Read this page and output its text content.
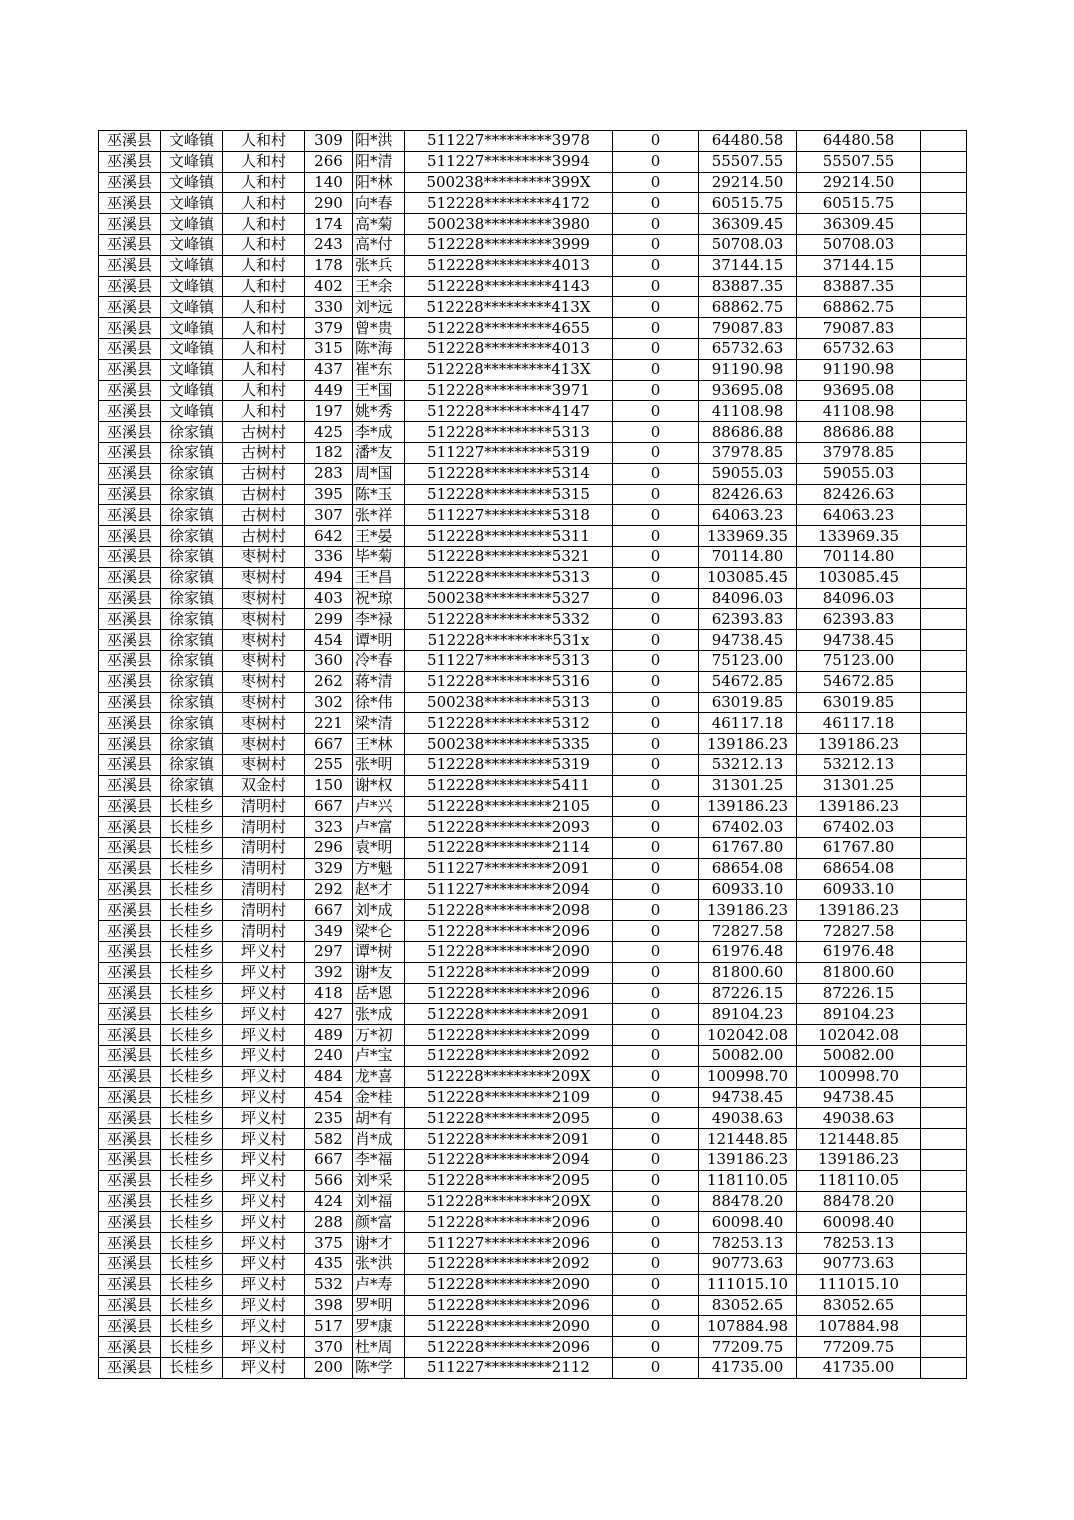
巫溪县	文峰镇	人和村	309	阳*洪	511227*********3978	0	64480.58	64480.58	
巫溪县	文峰镇	人和村	266	阳*清	511227*********3994	0	55507.55	55507.55	
巫溪县	文峰镇	人和村	140	阳*林	500238*********399X	0	29214.50	29214.50	
巫溪县	文峰镇	人和村	290	向*春	512228*********4172	0	60515.75	60515.75	
巫溪县	文峰镇	人和村	174	高*菊	500238*********3980	0	36309.45	36309.45	
巫溪县	文峰镇	人和村	243	高*付	512228*********3999	0	50708.03	50708.03	
巫溪县	文峰镇	人和村	178	张*兵	512228*********4013	0	37144.15	37144.15	
巫溪县	文峰镇	人和村	402	王*余	512228*********4143	0	83887.35	83887.35	
巫溪县	文峰镇	人和村	330	刘*远	512228*********413X	0	68862.75	68862.75	
巫溪县	文峰镇	人和村	379	曾*贵	512228*********4655	0	79087.83	79087.83	
巫溪县	文峰镇	人和村	315	陈*海	512228*********4013	0	65732.63	65732.63	
巫溪县	文峰镇	人和村	437	崔*东	512228*********413X	0	91190.98	91190.98	
巫溪县	文峰镇	人和村	449	王*国	512228*********3971	0	93695.08	93695.08	
巫溪县	文峰镇	人和村	197	姚*秀	512228*********4147	0	41108.98	41108.98	
巫溪县	徐家镇	古树村	425	李*成	512228*********5313	0	88686.88	88686.88	
巫溪县	徐家镇	古树村	182	潘*友	511227*********5319	0	37978.85	37978.85	
巫溪县	徐家镇	古树村	283	周*国	512228*********5314	0	59055.03	59055.03	
巫溪县	徐家镇	古树村	395	陈*玉	512228*********5315	0	82426.63	82426.63	
巫溪县	徐家镇	古树村	307	张*祥	511227*********5318	0	64063.23	64063.23	
巫溪县	徐家镇	古树村	642	王*晏	512228*********5311	0	133969.35	133969.35	
巫溪县	徐家镇	枣树村	336	毕*菊	512228*********5321	0	70114.80	70114.80	
巫溪县	徐家镇	枣树村	494	王*昌	512228*********5313	0	103085.45	103085.45	
巫溪县	徐家镇	枣树村	403	祝*琼	500238*********5327	0	84096.03	84096.03	
巫溪县	徐家镇	枣树村	299	李*禄	512228*********5332	0	62393.83	62393.83	
巫溪县	徐家镇	枣树村	454	谭*明	512228*********531x	0	94738.45	94738.45	
巫溪县	徐家镇	枣树村	360	冷*春	511227*********5313	0	75123.00	75123.00	
巫溪县	徐家镇	枣树村	262	蒋*清	512228*********5316	0	54672.85	54672.85	
巫溪县	徐家镇	枣树村	302	徐*伟	500238*********5313	0	63019.85	63019.85	
巫溪县	徐家镇	枣树村	221	梁*清	512228*********5312	0	46117.18	46117.18	
巫溪县	徐家镇	枣树村	667	王*林	500238*********5335	0	139186.23	139186.23	
巫溪县	徐家镇	枣树村	255	张*明	512228*********5319	0	53212.13	53212.13	
巫溪县	徐家镇	双金村	150	谢*权	512228*********5411	0	31301.25	31301.25	
巫溪县	长桂乡	清明村	667	卢*兴	512228*********2105	0	139186.23	139186.23	
巫溪县	长桂乡	清明村	323	卢*富	512228*********2093	0	67402.03	67402.03	
巫溪县	长桂乡	清明村	296	袁*明	512228*********2114	0	61767.80	61767.80	
巫溪县	长桂乡	清明村	329	方*魁	511227*********2091	0	68654.08	68654.08	
巫溪县	长桂乡	清明村	292	赵*才	511227*********2094	0	60933.10	60933.10	
巫溪县	长桂乡	清明村	667	刘*成	512228*********2098	0	139186.23	139186.23	
巫溪县	长桂乡	清明村	349	梁*仑	512228*********2096	0	72827.58	72827.58	
巫溪县	长桂乡	坪义村	297	谭*树	512228*********2090	0	61976.48	61976.48	
巫溪县	长桂乡	坪义村	392	谢*友	512228*********2099	0	81800.60	81800.60	
巫溪县	长桂乡	坪义村	418	岳*恩	512228*********2096	0	87226.15	87226.15	
巫溪县	长桂乡	坪义村	427	张*成	512228*********2091	0	89104.23	89104.23	
巫溪县	长桂乡	坪义村	489	万*初	512228*********2099	0	102042.08	102042.08	
巫溪县	长桂乡	坪义村	240	卢*宝	512228*********2092	0	50082.00	50082.00	
巫溪县	长桂乡	坪义村	484	龙*喜	512228*********209X	0	100998.70	100998.70	
巫溪县	长桂乡	坪义村	454	金*桂	512228*********2109	0	94738.45	94738.45	
巫溪县	长桂乡	坪义村	235	胡*有	512228*********2095	0	49038.63	49038.63	
巫溪县	长桂乡	坪义村	582	肖*成	512228*********2091	0	121448.85	121448.85	
巫溪县	长桂乡	坪义村	667	李*福	512228*********2094	0	139186.23	139186.23	
巫溪县	长桂乡	坪义村	566	刘*采	512228*********2095	0	118110.05	118110.05	
巫溪县	长桂乡	坪义村	424	刘*福	512228*********209X	0	88478.20	88478.20	
巫溪县	长桂乡	坪义村	288	颜*富	512228*********2096	0	60098.40	60098.40	
巫溪县	长桂乡	坪义村	375	谢*才	511227*********2096	0	78253.13	78253.13	
巫溪县	长桂乡	坪义村	435	张*洪	512228*********2092	0	90773.63	90773.63	
巫溪县	长桂乡	坪义村	532	卢*寿	512228*********2090	0	111015.10	111015.10	
巫溪县	长桂乡	坪义村	398	罗*明	512228*********2096	0	83052.65	83052.65	
巫溪县	长桂乡	坪义村	517	罗*康	512228*********2090	0	107884.98	107884.98	
巫溪县	长桂乡	坪义村	370	杜*周	512228*********2096	0	77209.75	77209.75	
巫溪县	长桂乡	坪义村	200	陈*学	511227*********2112	0	41735.00	41735.00	
